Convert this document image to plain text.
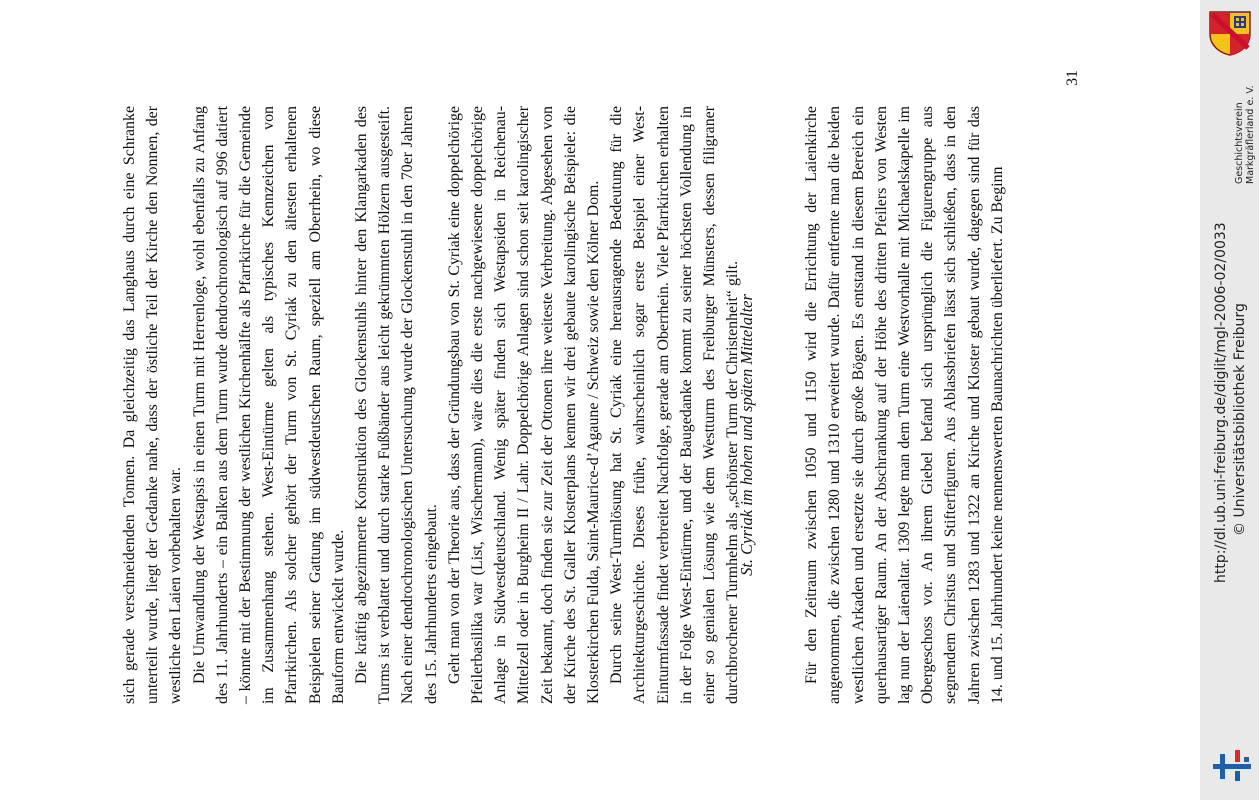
sich gerade verschneidenden Tonnen. Da gleichzeitig das Langhaus durch eine Schranke unterteilt wurde, liegt der Gedanke nahe, dass der östliche Teil der Kirche den Nonnen, der westliche den Laien vorbehalten war. Die Umwandlung der Westapsis in einen Turm mit Herrenloge, wohl ebenfalls zu Anfang des 11. Jahrhunderts – ein Balken aus dem Turm wurde dendrochronologisch auf 996 datiert – könnte mit der Bestimmung der westlichen Kirchenhälfte als Pfarrkirche für die Gemeinde im Zusammenhang stehen. West-Eintürme gelten als typisches Kennzeichen von Pfarrkirchen. Als solcher gehört der Turm von St. Cyriak zu den ältesten erhaltenen Beispielen seiner Gattung im südwestdeutschen Raum, speziell am Oberrhein, wo diese Bauform entwickelt wurde. Die kräftig abgezimmerte Konstruktion des Glockenstuhls hinter den Klangarkaden des Turms ist verblattet und durch starke Fußbänder aus leicht gekrümmten Hölzern ausgesteift. Nach einer dendrochronologischen Untersuchung wurde der Glockenstuhl in den 70er Jahren des 15. Jahrhunderts eingebaut. Geht man von der Theorie aus, dass der Gründungsbau von St. Cyriak eine doppelchörige Pfeilerbasilika war (List, Wischermann), wäre dies die erste nachgewiesene doppelchörige Anlage in Südwestdeutschland. Wenig später finden sich Westapsiden in Reichenau-Mittelzell oder in Burgheim II / Lahr. Doppelchörige Anlagen sind schon seit karolingischer Zeit bekannt, doch finden sie zur Zeit der Ottonen ihre weiteste Verbreitung. Abgesehen von der Kirche des St. Galler Klosterplans kennen wir drei gebaute karolingische Beispiele: die Klosterkirchen Fulda, Saint-Maurice-d’Agaune / Schweiz sowie den Kölner Dom. Durch seine West-Turmlösung hat St. Cyriak eine herausragende Bedeutung für die Architekturgeschichte. Dieses frühe, wahrscheinlich sogar erste Beispiel einer West-Einturmfassade findet verbreitet Nachfolge, gerade am Oberrhein. Viele Pfarrkirchen erhalten in der Folge West-Eintürme, und der Baugedanke kommt zu seiner höchsten Vollendung in einer so genialen Lösung wie dem Westturm des Freiburger Münsters, dessen filigraner durchbrochener Turmhelm als „schönster Turm der Christenheit“ gilt.

St. Cyriak im hohen und späten Mittelalter	Für den Zeitraum zwischen 1050 und 1150 wird die Errichtung der Laienkirche angenommen, die zwischen 1280 und 1310 erweitert wurde. Dafür entfernte man die beiden westlichen Arkaden und ersetzte sie durch große Bögen. Es entstand in diesem Bereich ein querhausartiger Raum. An der Abschrankung auf der Höhe des dritten Pfeilers von Westen lag nun der Laienaltar. 1309 legte man dem Turm eine Westvorhalle mit Michaelskapelle im Obergeschoss vor. An ihrem Giebel befand sich ursprünglich die Figurengruppe aus segnendem Christus und Stifterfiguren. Aus Ablassbriefen lässt sich schließen, dass in den Jahren zwischen 1283 und 1322 an Kirche und Kloster gebaut wurde, dagegen sind für das 14. und 15. Jahrhundert keine nennenswerten Baunachrichten überliefert. Zu Beginn

31
Geschichtsverein Markgräflerland e. V.
http://dl.ub.uni-freiburg.de/diglit/mgl-2006-02/0033 © Universitätsbibliothek Freiburg
